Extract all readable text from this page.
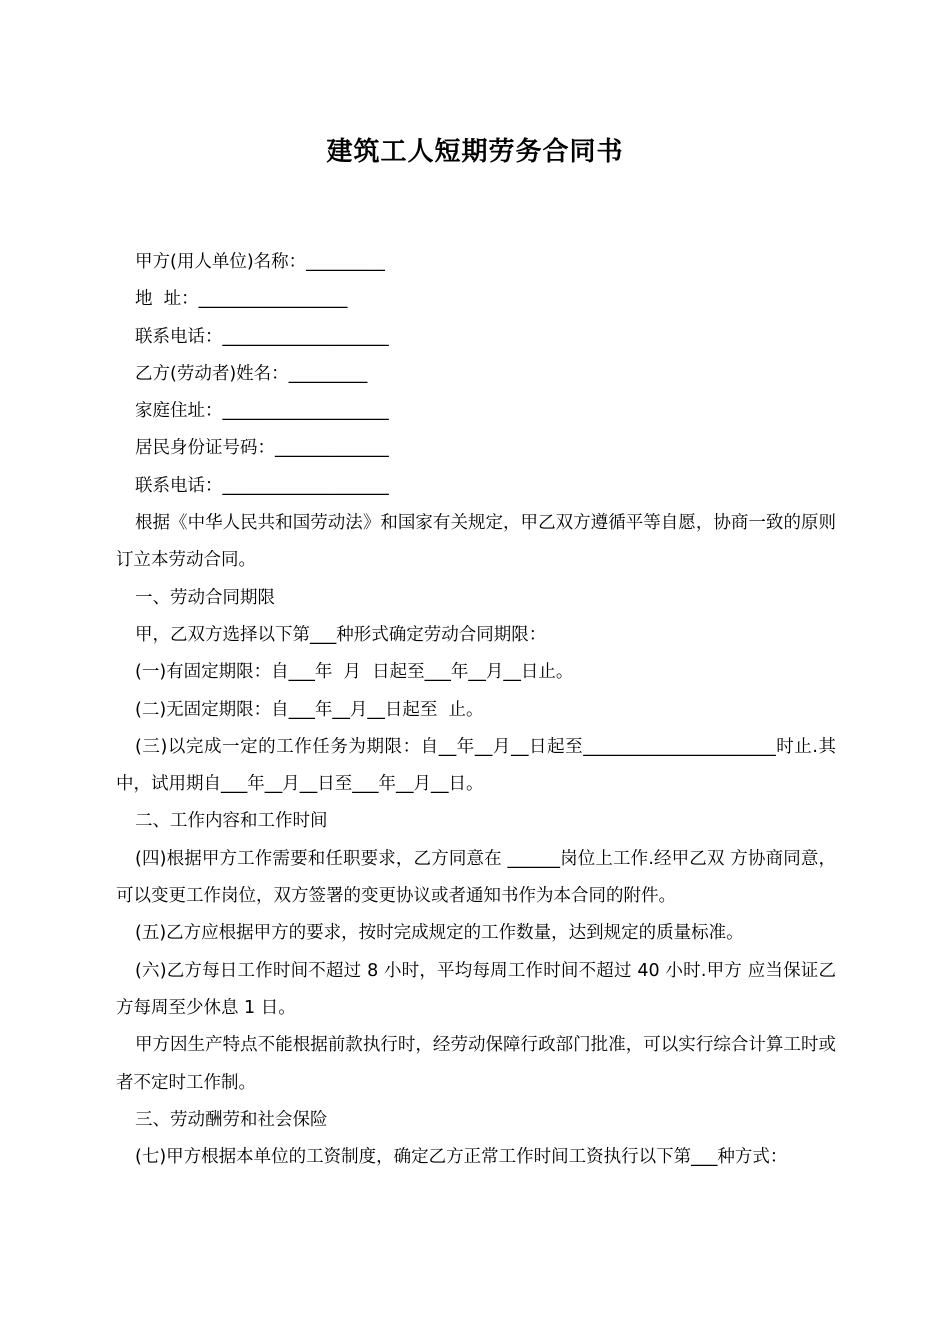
建筑工人短期劳务合同书

甲方(用人单位)名称：_________

地  址：_________________

联系电话：___________________

乙方(劳动者)姓名：_________

家庭住址：___________________

居民身份证号码：_____________

联系电话：___________________

根据《中华人民共和国劳动法》和国家有关规定，甲乙双方遵循平等自愿，协商一致的原则订立本劳动合同。

一、劳动合同期限

甲，乙双方选择以下第___种形式确定劳动合同期限：

(一)有固定期限：自___年  月  日起至___年__月__日止。

(二)无固定期限：自___年__月__日起至  止。

(三)以完成一定的工作任务为期限：自__年__月__日起至______________________时止.其中，试用期自___年__月__日至___年__月__日。

二、工作内容和工作时间

(四)根据甲方工作需要和任职要求，乙方同意在 ______岗位上工作.经甲乙双 方协商同意，可以变更工作岗位，双方签署的变更协议或者通知书作为本合同的附件。

(五)乙方应根据甲方的要求，按时完成规定的工作数量，达到规定的质量标准。

(六)乙方每日工作时间不超过 8 小时，平均每周工作时间不超过 40 小时.甲方 应当保证乙方每周至少休息 1 日。

甲方因生产特点不能根据前款执行时，经劳动保障行政部门批准，可以实行综合计算工时或者不定时工作制。

三、劳动酬劳和社会保险

(七)甲方根据本单位的工资制度，确定乙方正常工作时间工资执行以下第___种方式：
